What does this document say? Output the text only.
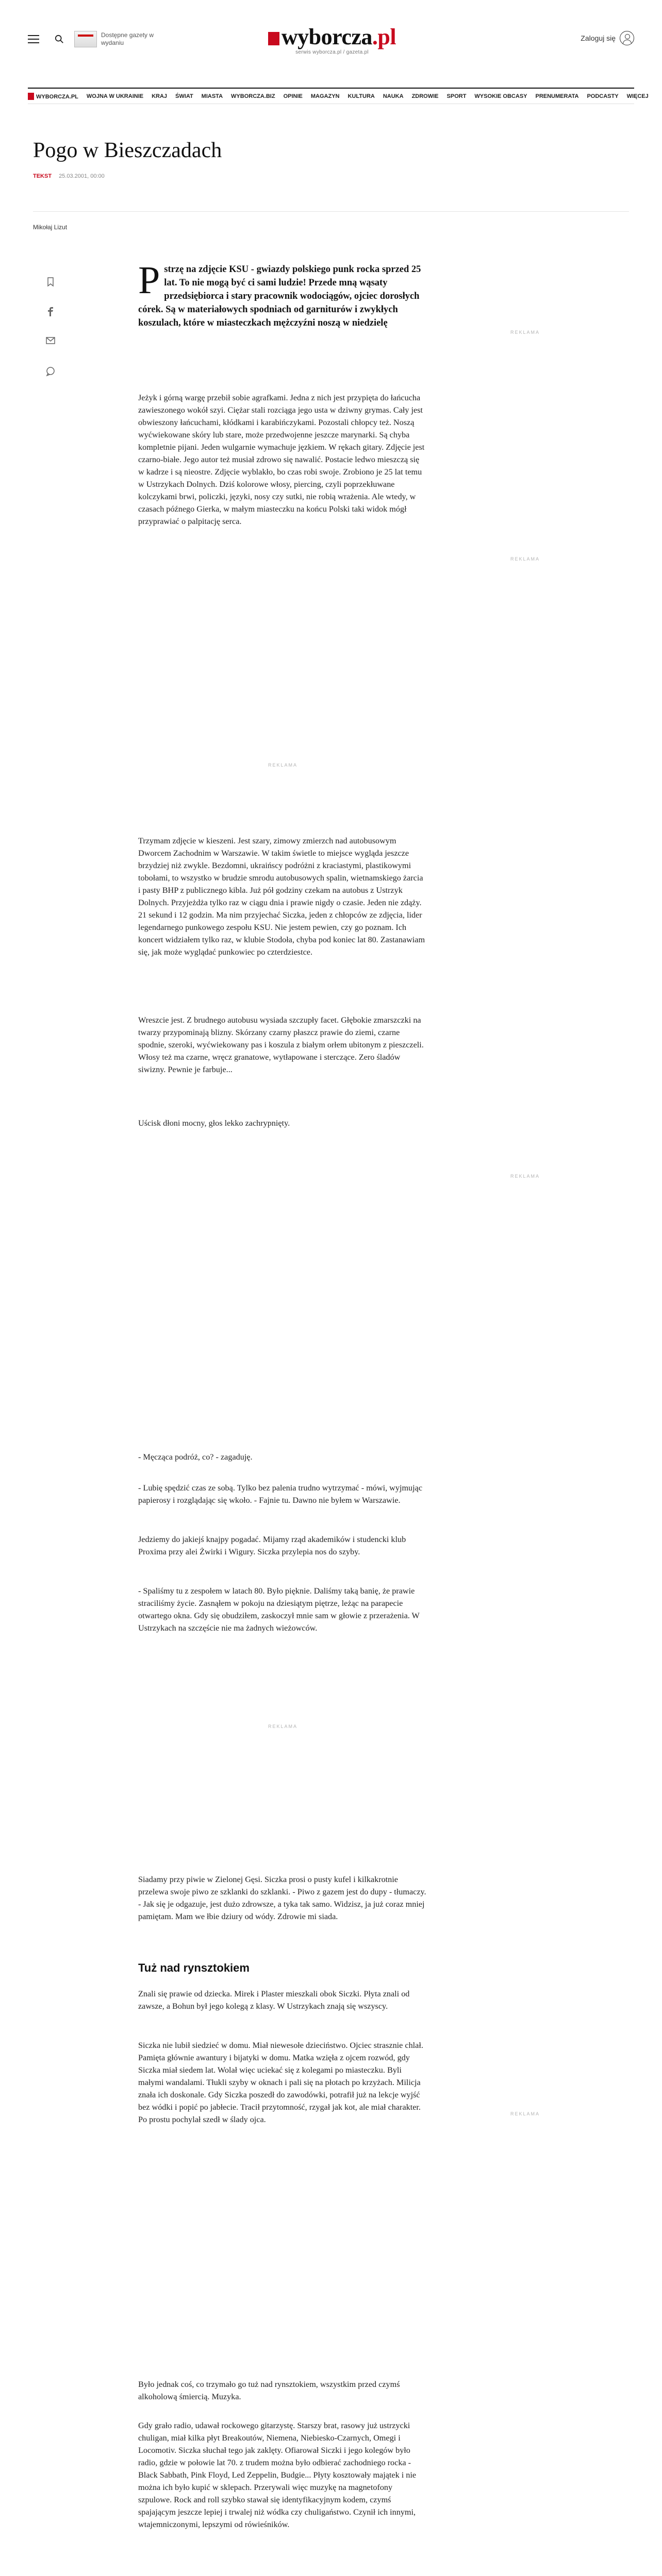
Dostępne gazety w wydaniu	wyborcza.pl
serwis wyborcza.pl / gazeta.pl
Zaloguj się
WYBORCZA.PL WOJNA W UKRAINIE KRAJ ŚWIAT MIASTA WYBORCZA.BIZ OPINIE MAGAZYN KULTURA NAUKA ZDROWIE SPORT WYSOKIE OBCASY PRENUMERATA PODCASTY WIĘCEJ
Pogo w Bieszczadach
TEKST 25.03.2001, 00:00
Mikołaj Lizut
Pstrzę na zdjęcie KSU - gwiazdy polskiego punk rocka sprzed 25 lat. To nie mogą być ci sami ludzie! Przede mną wąsaty przedsiębiorca i stary pracownik wodociągów, ojciec dorosłych córek. Są w materiałowych spodniach od garniturów i zwykłych koszulach, które w miasteczkach mężczyźni noszą w niedzielę
REKLAMA
Jeżyk i górną wargę przebił sobie agrafkami. Jedna z nich jest przypięta do łańcucha zawieszonego wokół szyi. Ciężar stali rozciąga jego usta w dziwny grymas. Cały jest obwieszony łańcuchami, kłódkami i karabińczykami. Pozostali chłopcy też. Noszą wyćwiekowane skóry lub stare, może przedwojenne jeszcze marynarki. Są chyba kompletnie pijani. Jeden wulgarnie wymachuje jęzkiem. W rękach gitary. Zdjęcie jest czarno-białe. Jego autor też musiał zdrowo się nawalić. Postacie ledwo mieszczą się w kadrze i są nieostre. Zdjęcie wyblakło, bo czas robi swoje. Zrobiono je 25 lat temu w Ustrzykach Dolnych. Dziś kolorowe włosy, piercing, czyli poprzekłuwane kolczykami brwi, policzki, języki, nosy czy sutki, nie robią wrażenia. Ale wtedy, w czasach późnego Gierka, w małym miasteczku na końcu Polski taki widok mógł przyprawiać o palpitację serca.
REKLAMA
REKLAMA
Trzymam zdjęcie w kieszeni. Jest szary, zimowy zmierzch nad autobusowym Dworcem Zachodnim w Warszawie. W takim świetle to miejsce wygląda jeszcze brzydziej niż zwykle. Bezdomni, ukraińscy podróżni z kraciastymi, plastikowymi tobołami, to wszystko w brudzie smrodu autobusowych spalin, wietnamskiego żarcia i pasty BHP z publicznego kibla. Już pół godziny czekam na autobus z Ustrzyk Dolnych. Przyjeżdża tylko raz w ciągu dnia i prawie nigdy o czasie. Jeden nie zdąży. 21 sekund i 12 godzin. Ma nim przyjechać Siczka, jeden z chłopców ze zdjęcia, lider legendarnego punkowego zespołu KSU. Nie jestem pewien, czy go poznam. Ich koncert widziałem tylko raz, w klubie Stodoła, chyba pod koniec lat 80. Zastanawiam się, jak może wyglądać punkowiec po czterdziestce.
Wreszcie jest. Z brudnego autobusu wysiada szczupły facet. Głębokie zmarszczki na twarzy przypominają blizny. Skórzany czarny płaszcz prawie do ziemi, czarne spodnie, szeroki, wyćwiekowany pas i koszula z białym orłem ubitonym z pieszczeli. Włosy też ma czarne, wręcz granatowe, wytłapowane i sterczące. Zero śladów siwizny. Pewnie je farbuje...
Uścisk dłoni mocny, głos lekko zachrypnięty.
REKLAMA
- Męcząca podróż, co? - zagaduję.
- Lubię spędzić czas ze sobą. Tylko bez palenia trudno wytrzymać - mówi, wyjmując papierosy i rozglądając się wkoło. - Fajnie tu. Dawno nie byłem w Warszawie.
Jedziemy do jakiejś knajpy pogadać. Mijamy rząd akademików i studencki klub Proxima przy alei Żwirki i Wigury. Siczka przylepia nos do szyby.
- Spaliśmy tu z zespołem w latach 80. Było pięknie. Daliśmy taką banię, że prawie straciliśmy życie. Zasnąłem w pokoju na dziesiątym piętrze, leżąc na parapecie otwartego okna. Gdy się obudziłem, zaskoczył mnie sam w głowie z przerażenia. W Ustrzykach na szczęście nie ma żadnych wieżowców.
REKLAMA
Siadamy przy piwie w Zielonej Gęsi. Siczka prosi o pusty kufel i kilkakrotnie przelewa swoje piwo ze szklanki do szklanki. - Piwo z gazem jest do dupy - tłumaczy. - Jak się je odgazuje, jest dużo zdrowsze, a tyka tak samo. Widzisz, ja już coraz mniej pamiętam. Mam we łbie dziury od wódy. Zdrowie mi siada.
Tuż nad rynsztokiem
Znali się prawie od dziecka. Mirek i Plaster mieszkali obok Siczki. Płyta znali od zawsze, a Bohun był jego kolegą z klasy. W Ustrzykach znają się wszyscy.
Siczka nie lubił siedzieć w domu. Miał niewesołe dzieciństwo. Ojciec strasznie chlał. Pamięta głównie awantury i bijatyki w domu. Matka wzięła z ojcem rozwód, gdy Siczka miał siedem lat. Wolał więc uciekać się z kolegami po miasteczku. Byli małymi wandalami. Tłukli szyby w oknach i pali się na płotach po krzyżach. Milicja znała ich doskonale. Gdy Siczka poszedł do zawodówki, potrafił już na lekcje wyjść bez wódki i popić po jabłecie. Tracił przytomność, rzygał jak kot, ale miał charakter. Po prostu pochylał szedł w ślady ojca.
REKLAMA
Było jednak coś, co trzymało go tuż nad rynsztokiem, wszystkim przed czymś alkoholową śmiercią. Muzyka.
Gdy grało radio, udawał rockowego gitarzystę. Starszy brat, rasowy już ustrzycki chuligan, miał kilka płyt Breakoutów, Niemena, Niebiesko-Czarnych, Omegi i Locomotiv. Siczka słuchał tego jak zaklęty. Ofiarował Siczki i jego kolegów było radio, gdzie w połowie lat 70. z trudem można było odbierać zachodniego rocka - Black Sabbath, Pink Floyd, Led Zeppelin, Budgie... Płyty kosztowały majątek i nie można ich było kupić w sklepach. Przerywali więc muzykę na magnetofony szpulowe. Rock and roll szybko stawał się identyfikacyjnym kodem, czymś spajającym jeszcze lepiej i trwalej niż wódka czy chuligaństwo. Czynił ich innymi, wtajemniczonymi, lepszymi od rówieśników.
